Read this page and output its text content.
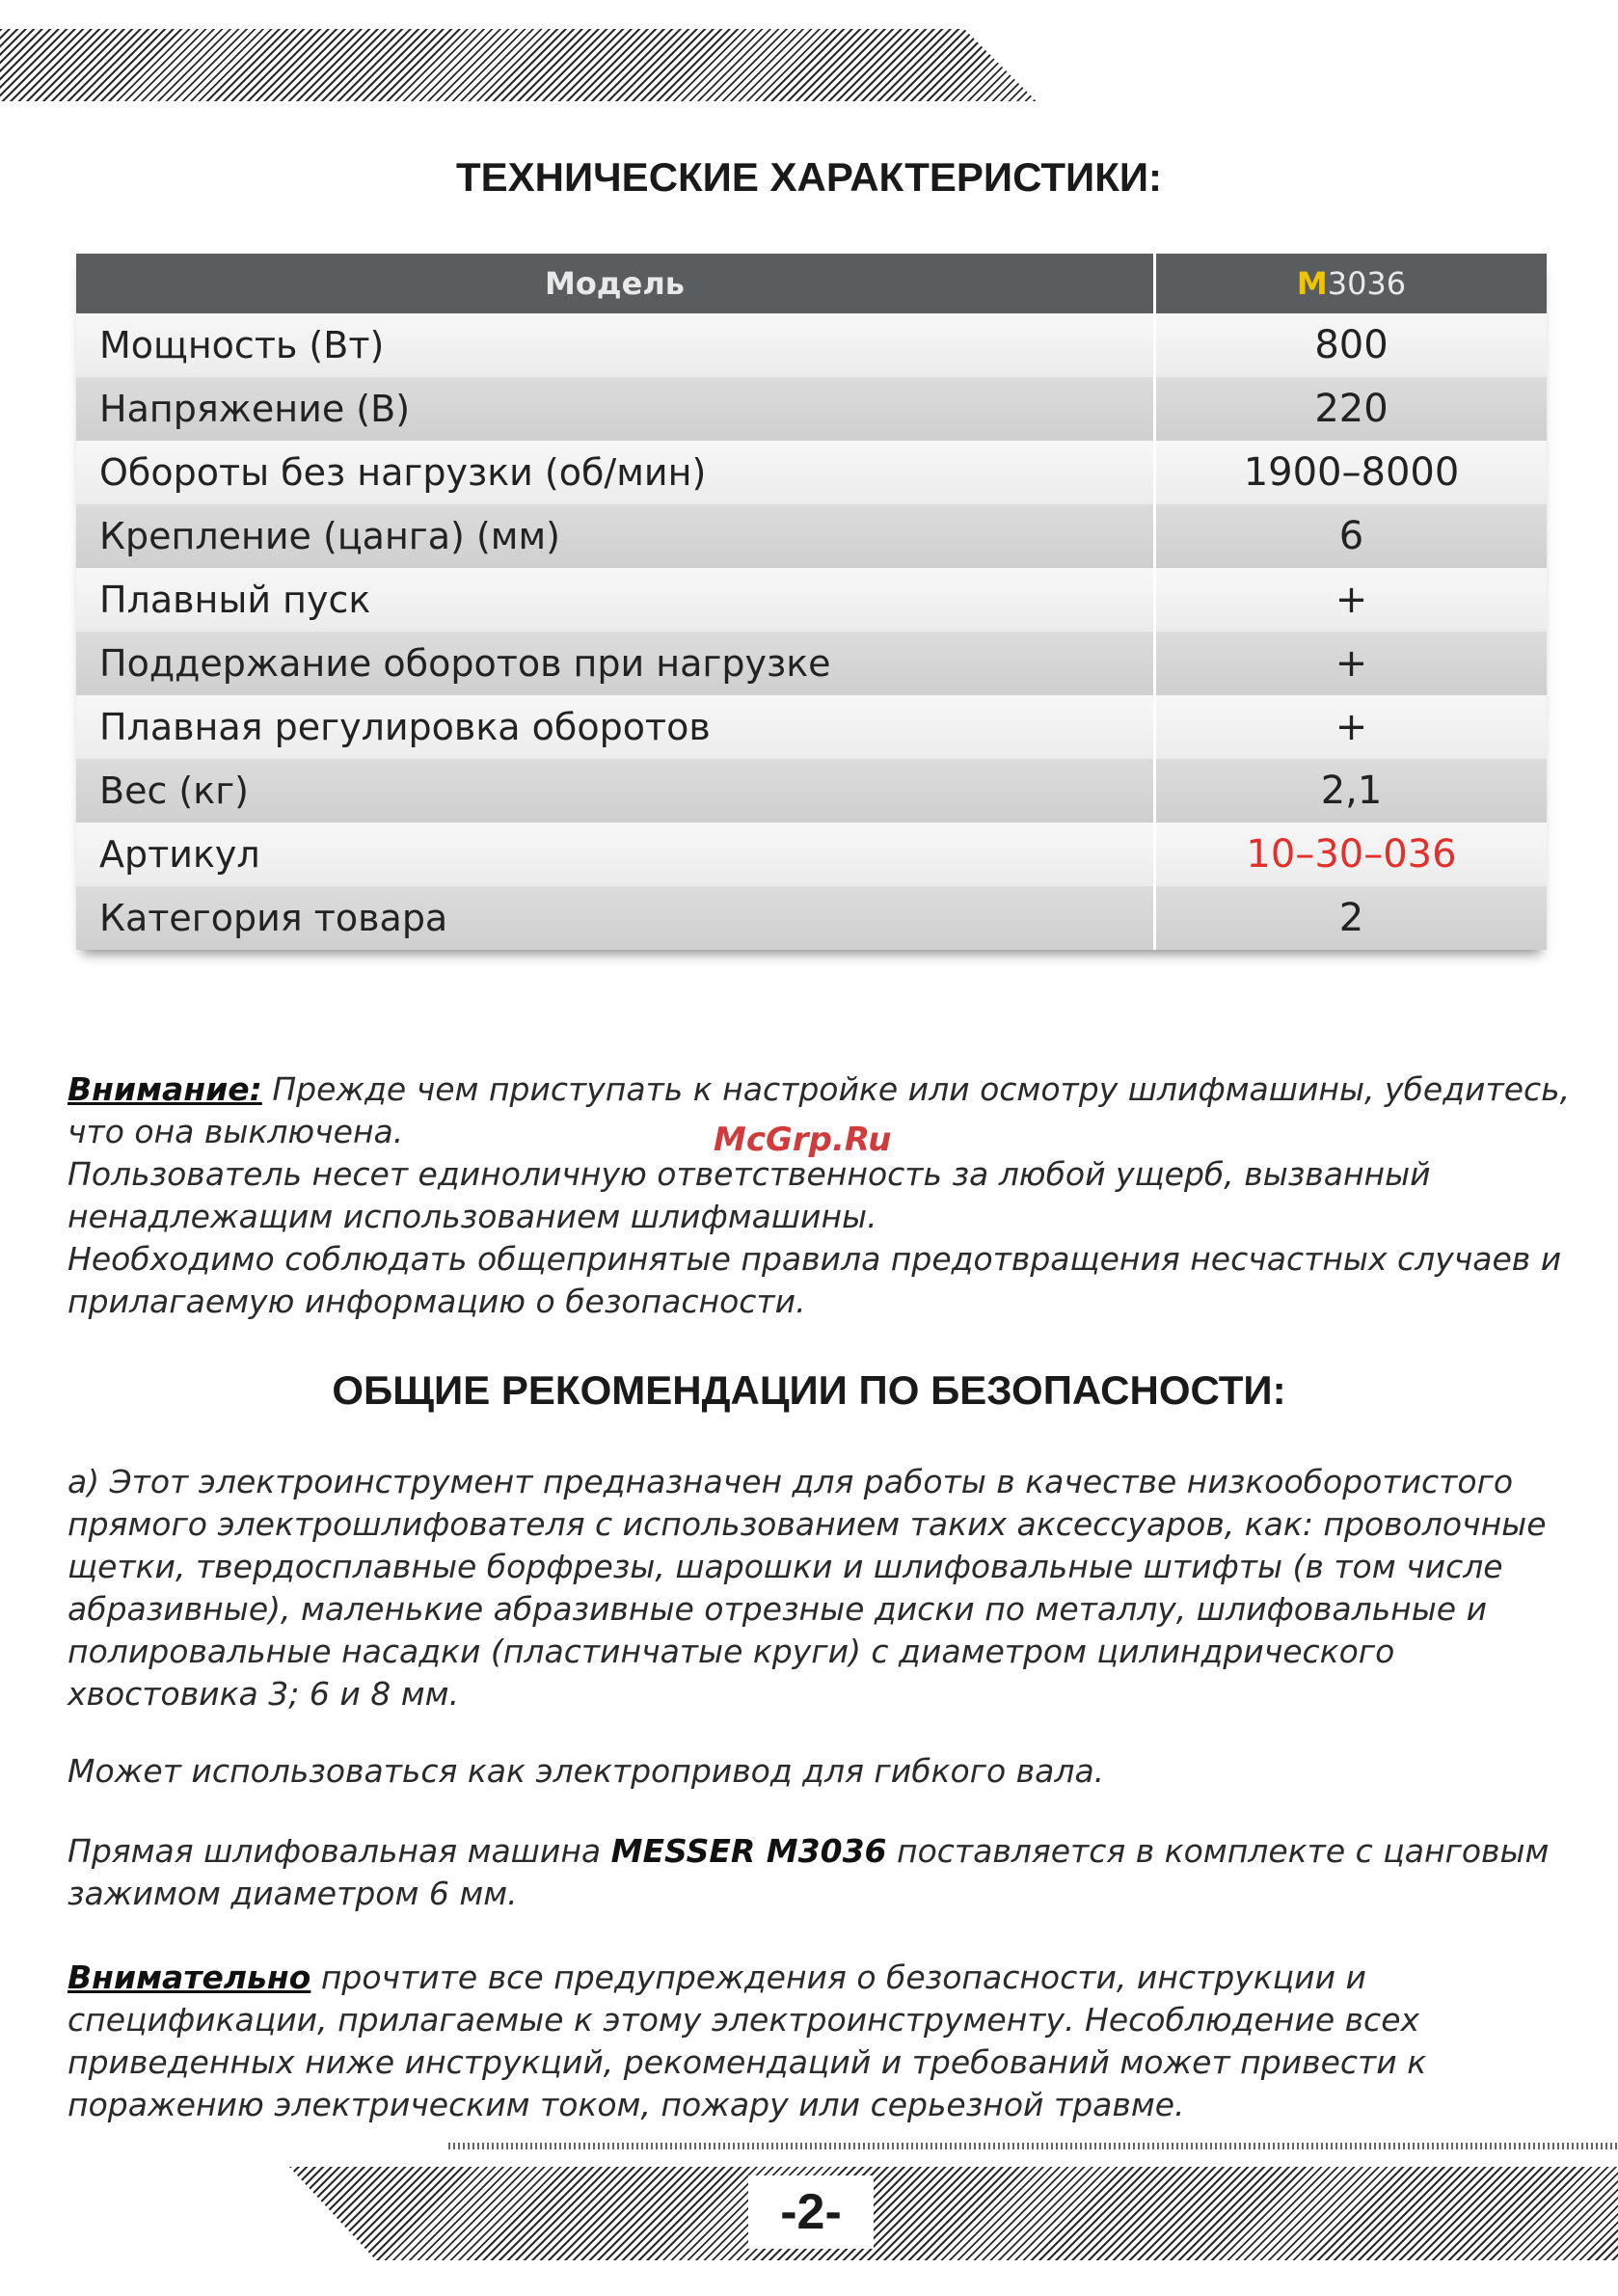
ТЕХНИЧЕСКИЕ ХАРАКТЕРИСТИКИ:
Модель	M3036
Мощность (Вт)	800
Напряжение (В)	220
Обороты без нагрузки (об/мин)	1900–8000
Крепление (цанга) (мм)	6
Плавный пуск	+
Поддержание оборотов при нагрузке	+
Плавная регулировка оборотов	+
Вес (кг)	2,1
Артикул	10–30–036
Категория товара	2

Внимание: Прежде чем приступать к настройке или осмотру шлифмашины, убедитесь, что она выключена.

Пользователь несет единоличную ответственность за любой ущерб, вызванный ненадлежащим использованием шлифмашины.

Необходимо соблюдать общепринятые правила предотвращения несчастных случаев и прилагаемую информацию о безопасности.

McGrp.Ru
ОБЩИЕ РЕКОМЕНДАЦИИ ПО БЕЗОПАСНОСТИ:

а) Этот электроинструмент предназначен для работы в качестве низкооборотистого прямого электрошлифователя с использованием таких аксессуаров, как: проволочные щетки, твердосплавные борфрезы, шарошки и шлифовальные штифты (в том числе абразивные), маленькие абразивные отрезные диски по металлу, шлифовальные и полировальные насадки (пластинчатые круги) с диаметром цилиндрического хвостовика 3; 6 и 8 мм.

Может использоваться как электропривод для гибкого вала.

Прямая шлифовальная машина MESSER M3036 поставляется в комплекте с цанговым зажимом диаметром 6 мм.

Внимательно прочтите все предупреждения о безопасности, инструкции и спецификации, прилагаемые к этому электроинструменту. Несоблюдение всех приведенных ниже инструкций, рекомендаций и требований может привести к поражению электрическим током, пожару или серьезной травме.

-2-
